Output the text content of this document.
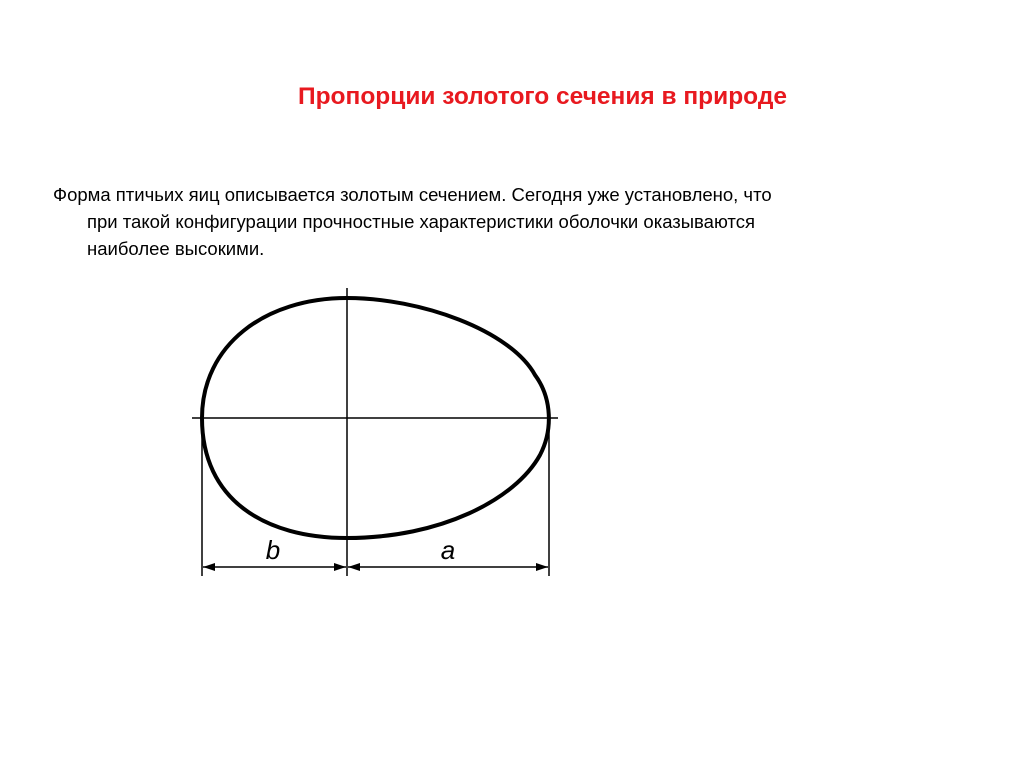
Пропорции золотого сечения в природе

Форма птичьих яиц описывается золотым сечением. Сегодня уже установлено, что
при такой конфигурации прочностные характеристики оболочки оказываются
наиболее высокими.

b	a
